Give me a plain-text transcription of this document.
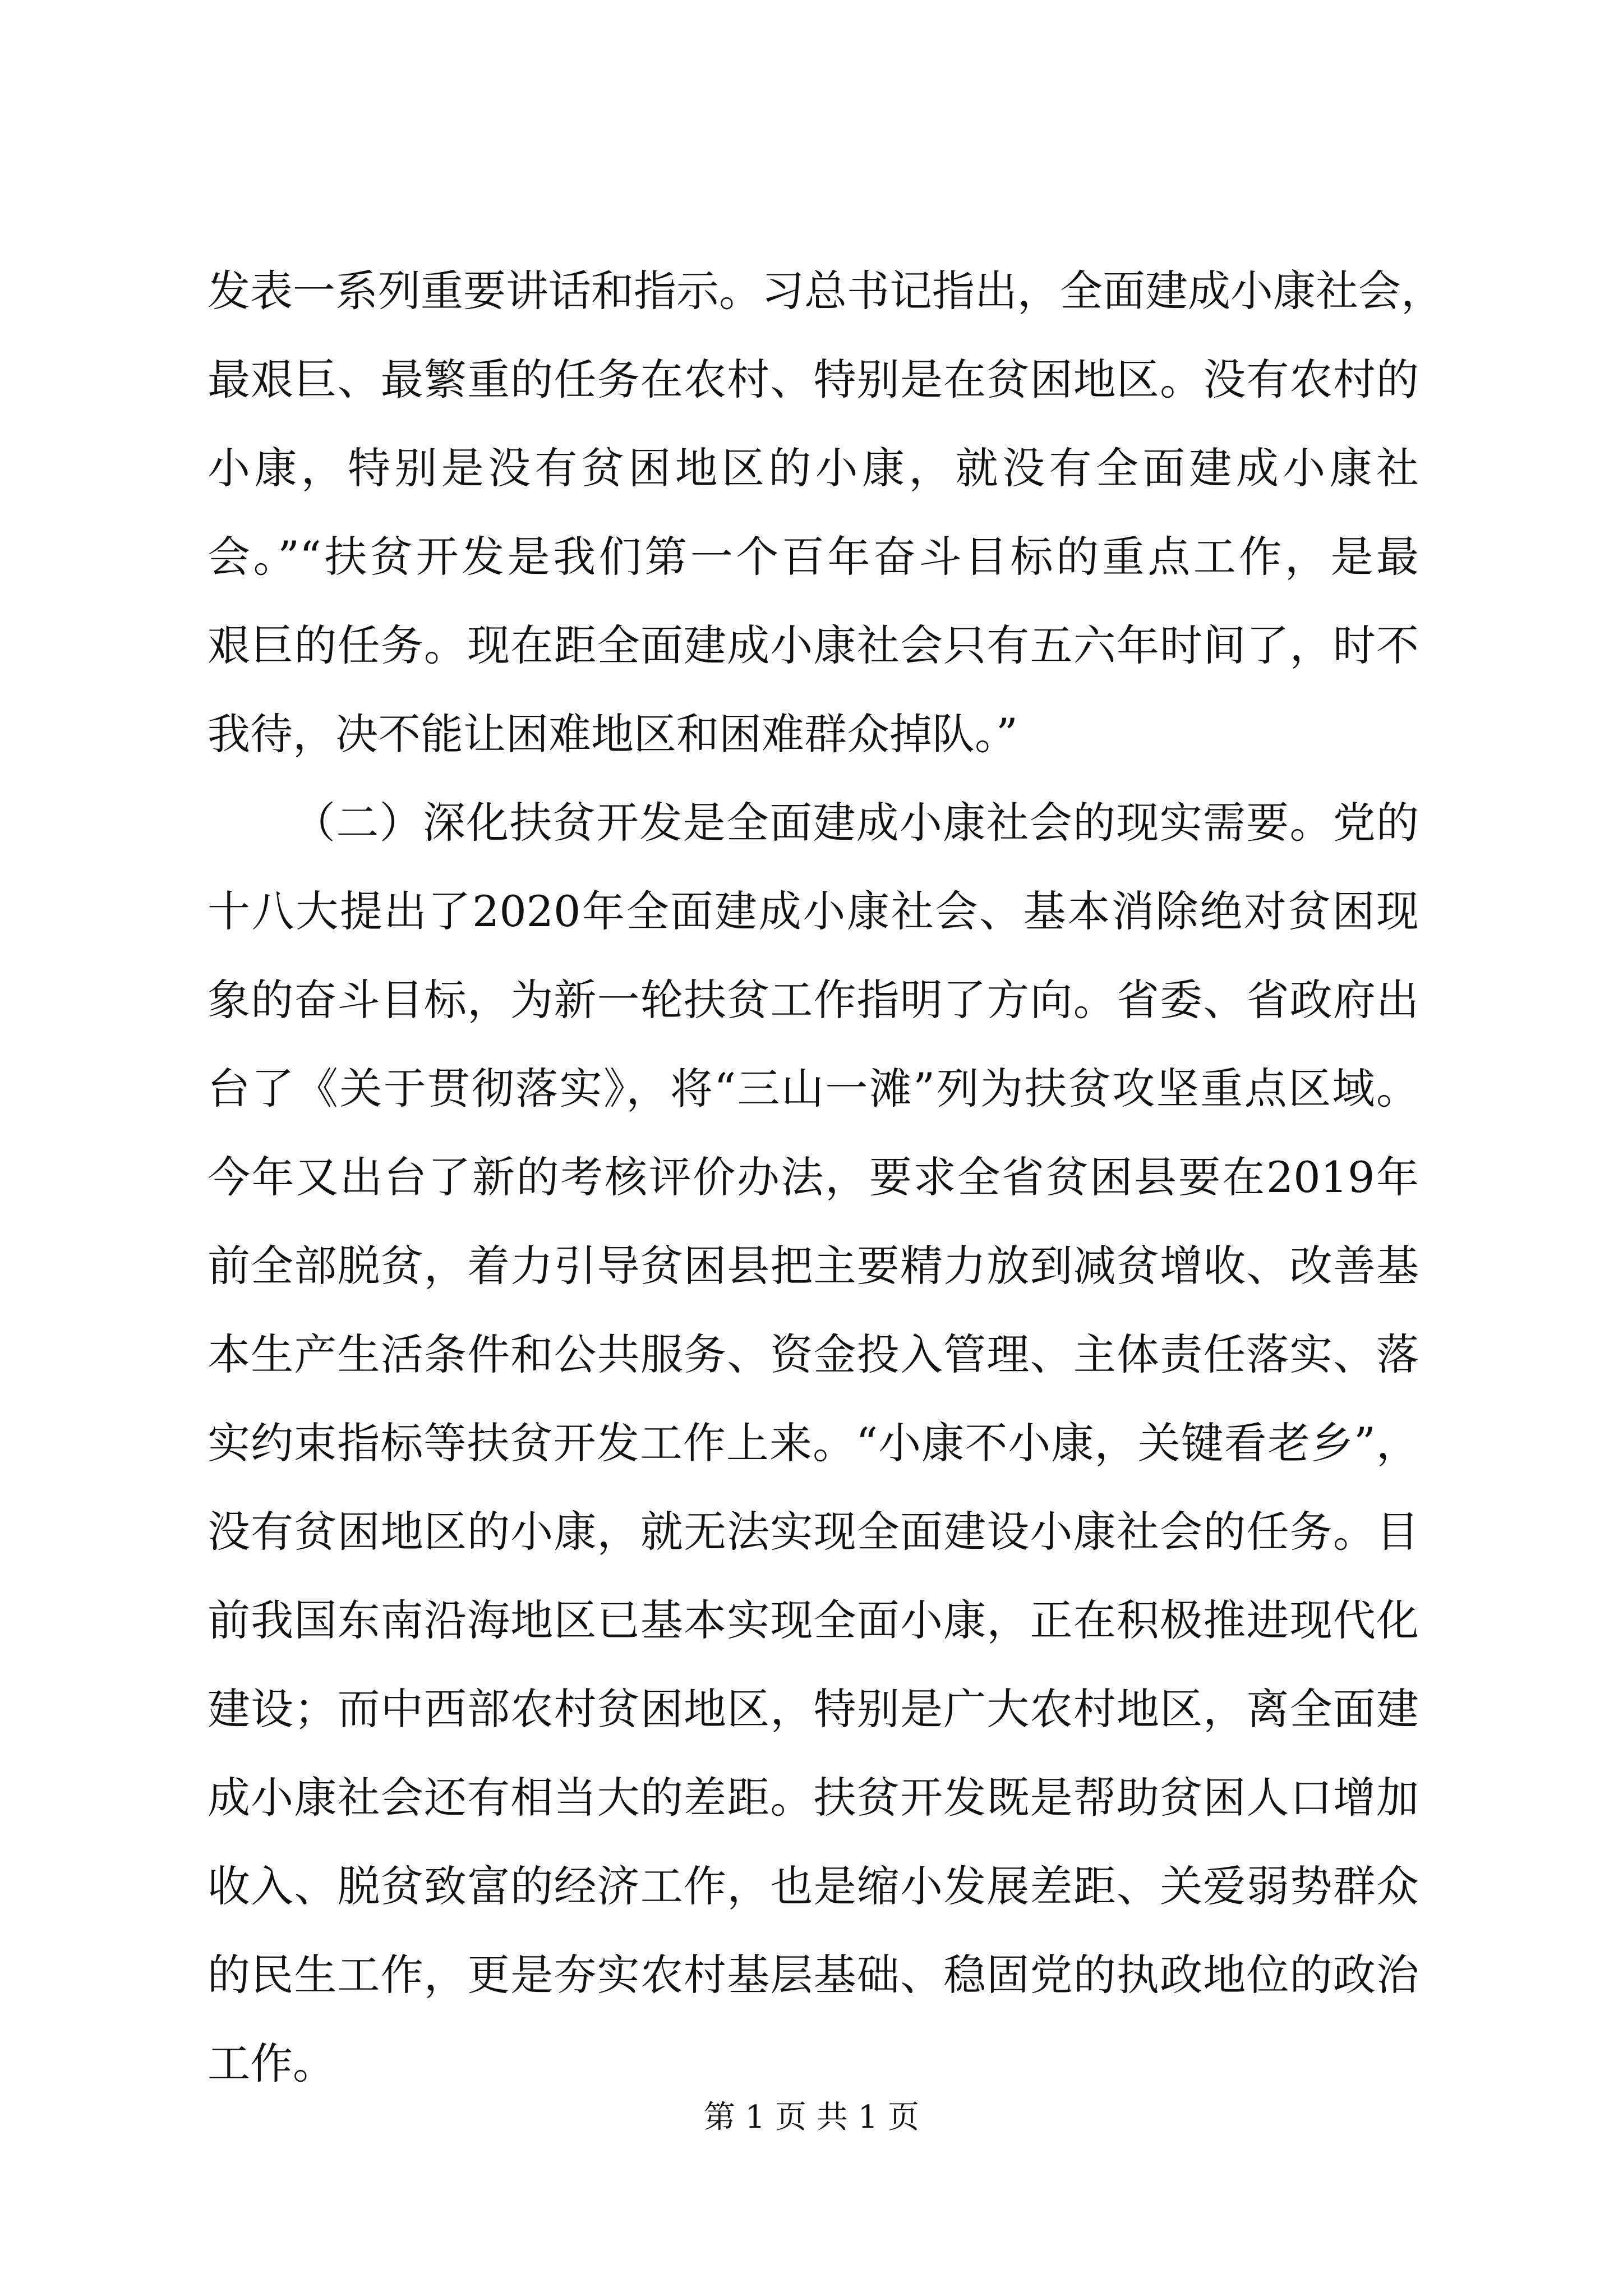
发表一系列重要讲话和指示。习总书记指出，全面建成小康社会，
最艰巨、最繁重的任务在农村、特别是在贫困地区。没有农村的
小康，特别是没有贫困地区的小康，就没有全面建成小康社
会。”“扶贫开发是我们第一个百年奋斗目标的重点工作，是最
艰巨的任务。现在距全面建成小康社会只有五六年时间了，时不
我待，决不能让困难地区和困难群众掉队。”
（二）深化扶贫开发是全面建成小康社会的现实需要。党的
十八大提出了2020年全面建成小康社会、基本消除绝对贫困现
象的奋斗目标，为新一轮扶贫工作指明了方向。省委、省政府出
台了《关于贯彻落实》，将“三山一滩”列为扶贫攻坚重点区域。
今年又出台了新的考核评价办法，要求全省贫困县要在2019年
前全部脱贫，着力引导贫困县把主要精力放到减贫增收、改善基
本生产生活条件和公共服务、资金投入管理、主体责任落实、落
实约束指标等扶贫开发工作上来。“小康不小康，关键看老乡”，
没有贫困地区的小康，就无法实现全面建设小康社会的任务。目
前我国东南沿海地区已基本实现全面小康，正在积极推进现代化
建设；而中西部农村贫困地区，特别是广大农村地区，离全面建
成小康社会还有相当大的差距。扶贫开发既是帮助贫困人口增加
收入、脱贫致富的经济工作，也是缩小发展差距、关爱弱势群众
的民生工作，更是夯实农村基层基础、稳固党的执政地位的政治
工作。
第 1 页 共 1 页
